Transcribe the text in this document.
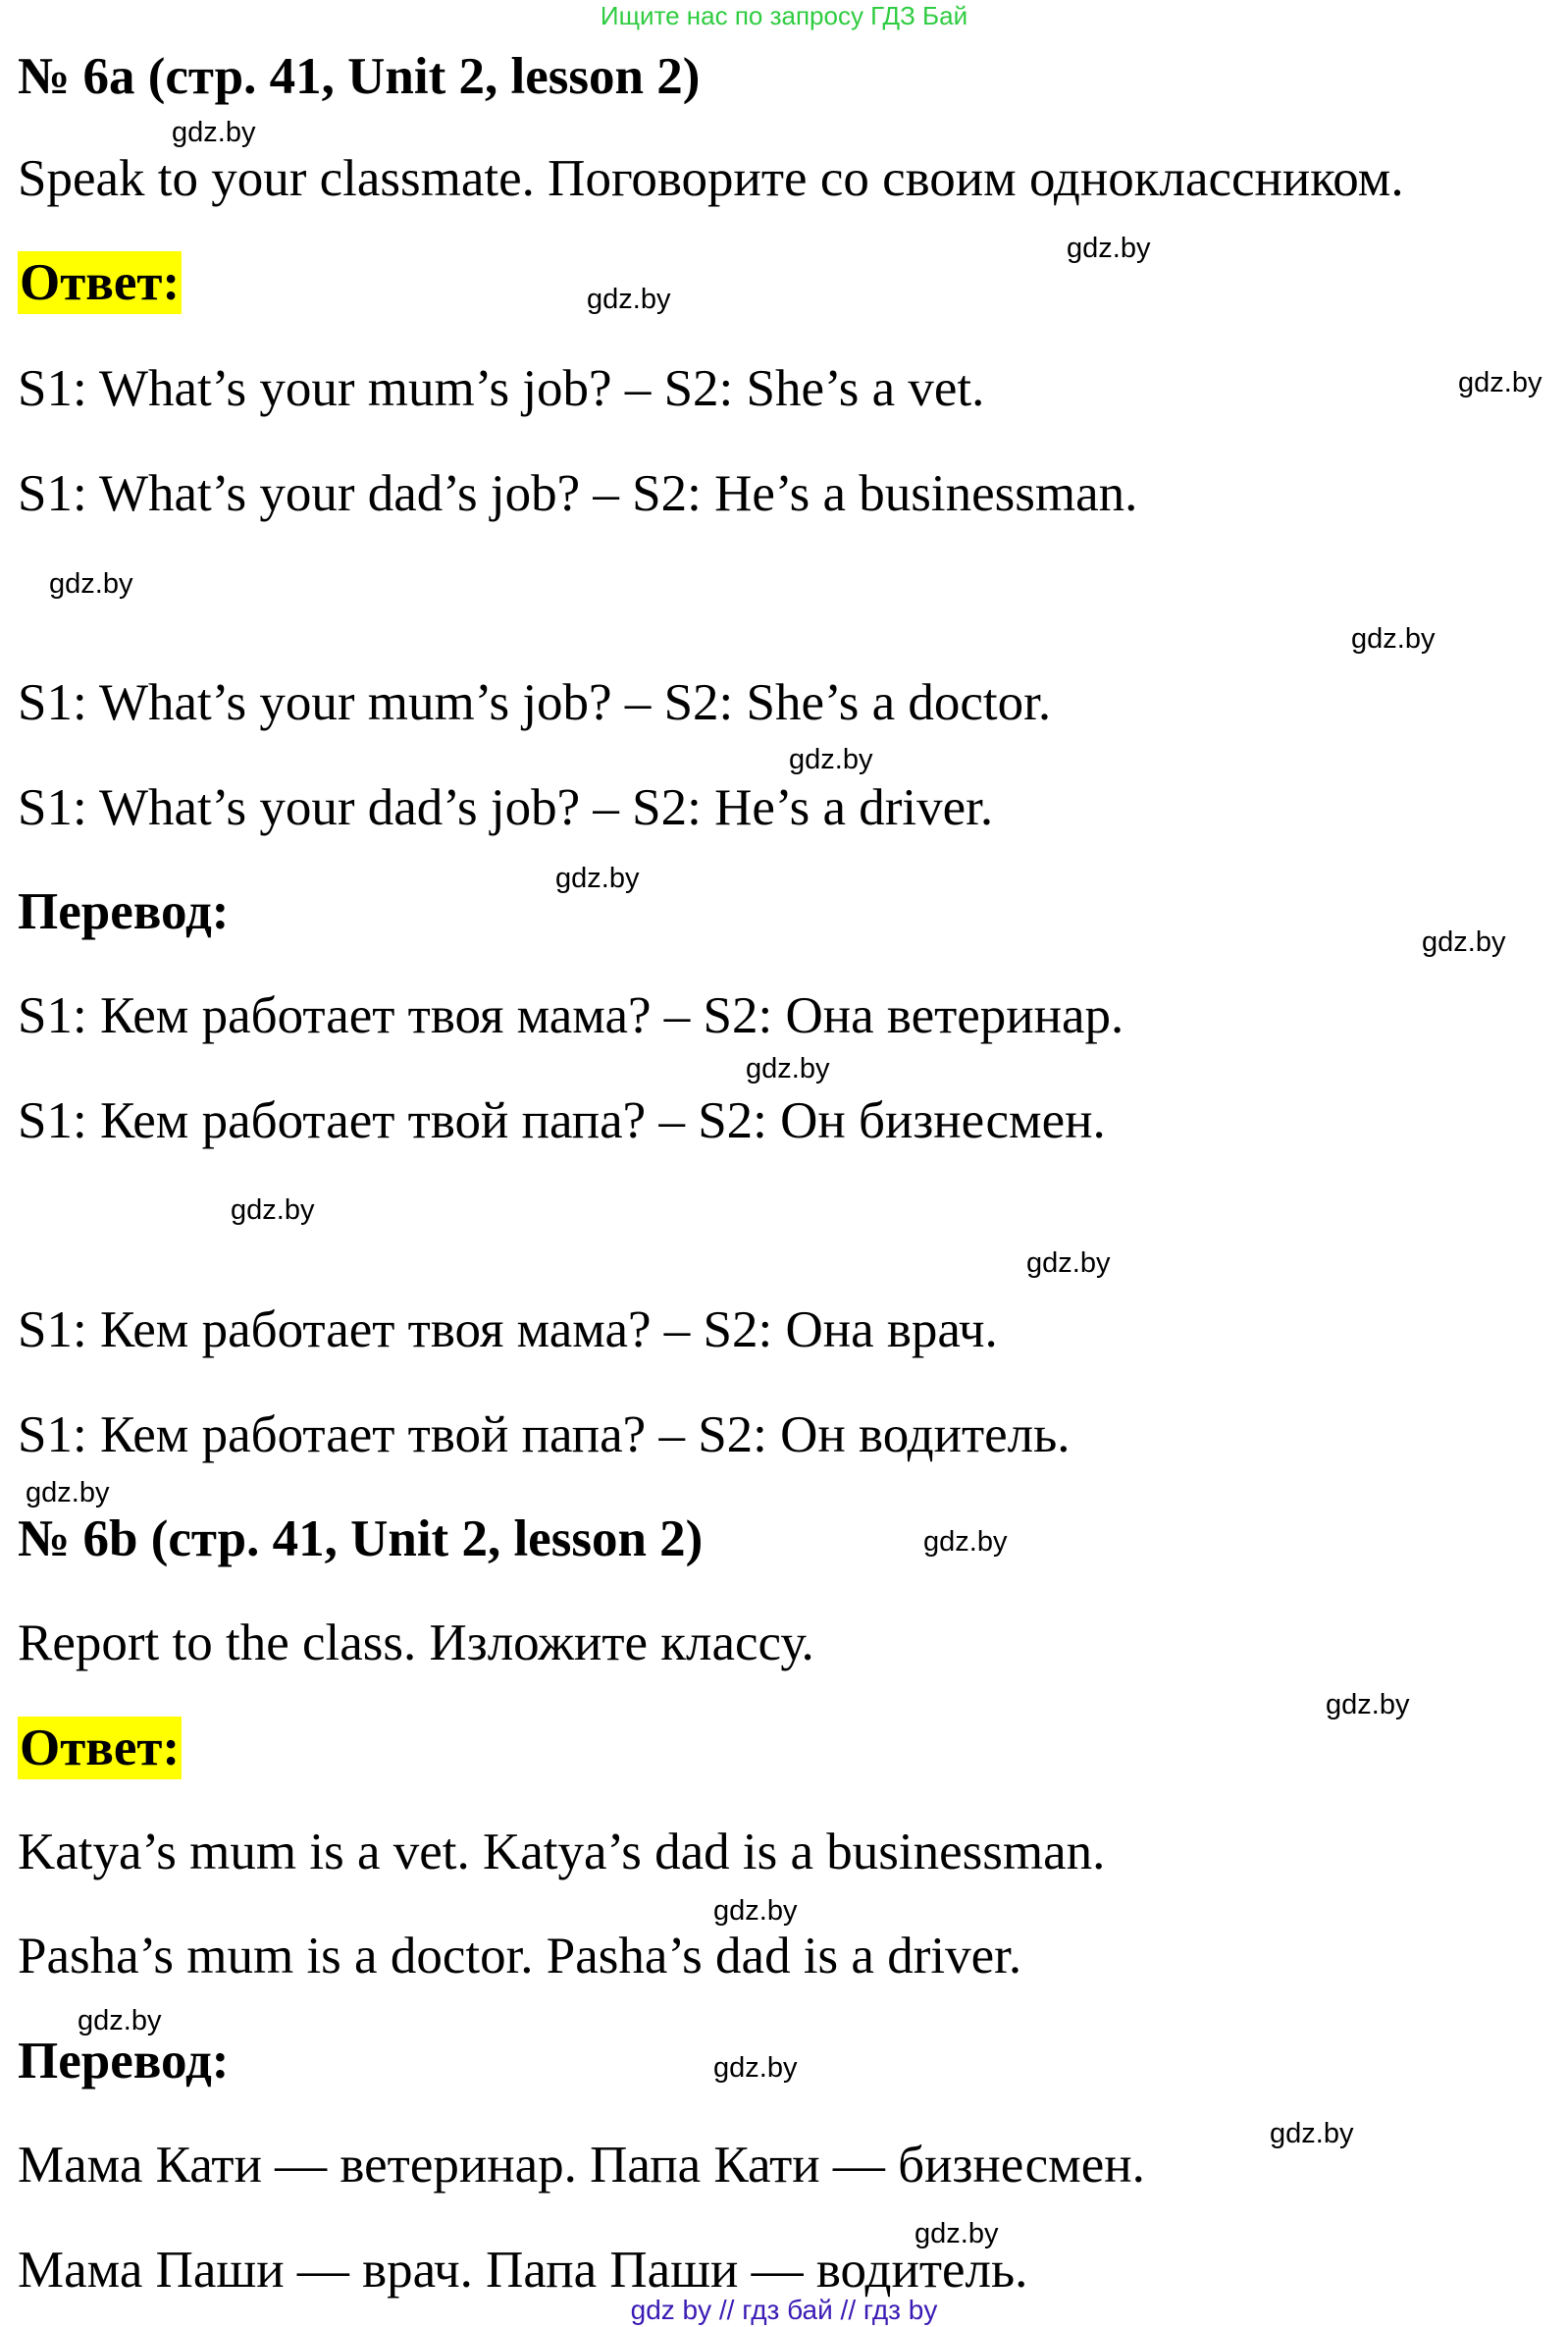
Ищите нас по запросу ГДЗ Бай
№ 6а (стр. 41, Unit 2, lesson 2)
Speak to your classmate. Поговорите со своим одноклассником.
Ответ:
S1: What’s your mum’s job? – S2: She’s a vet.
S1: What’s your dad’s job? – S2: He’s a businessman.
S1: What’s your mum’s job? – S2: She’s a doctor.
S1: What’s your dad’s job? – S2: He’s a driver.
Перевод:
S1: Кем работает твоя мама? – S2: Она ветеринар.
S1: Кем работает твой папа? – S2: Он бизнесмен.
S1: Кем работает твоя мама? – S2: Она врач.
S1: Кем работает твой папа? – S2: Он водитель.
№ 6b (стр. 41, Unit 2, lesson 2)
Report to the class. Изложите классу.
Ответ:
Katya’s mum is a vet. Katya’s dad is a businessman.
Pasha’s mum is a doctor. Pasha’s dad is a driver.
Перевод:
Мама Кати — ветеринар. Папа Кати — бизнесмен.
Мама Паши — врач. Папа Паши — водитель.
gdz.by
gdz.by
gdz.by
gdz.by
gdz.by
gdz.by
gdz.by
gdz.by
gdz.by
gdz.by
gdz.by
gdz.by
gdz.by
gdz.by
gdz.by
gdz.by
gdz.by
gdz.by
gdz.by
gdz.by
gdz by // гдз бай // гдз by
